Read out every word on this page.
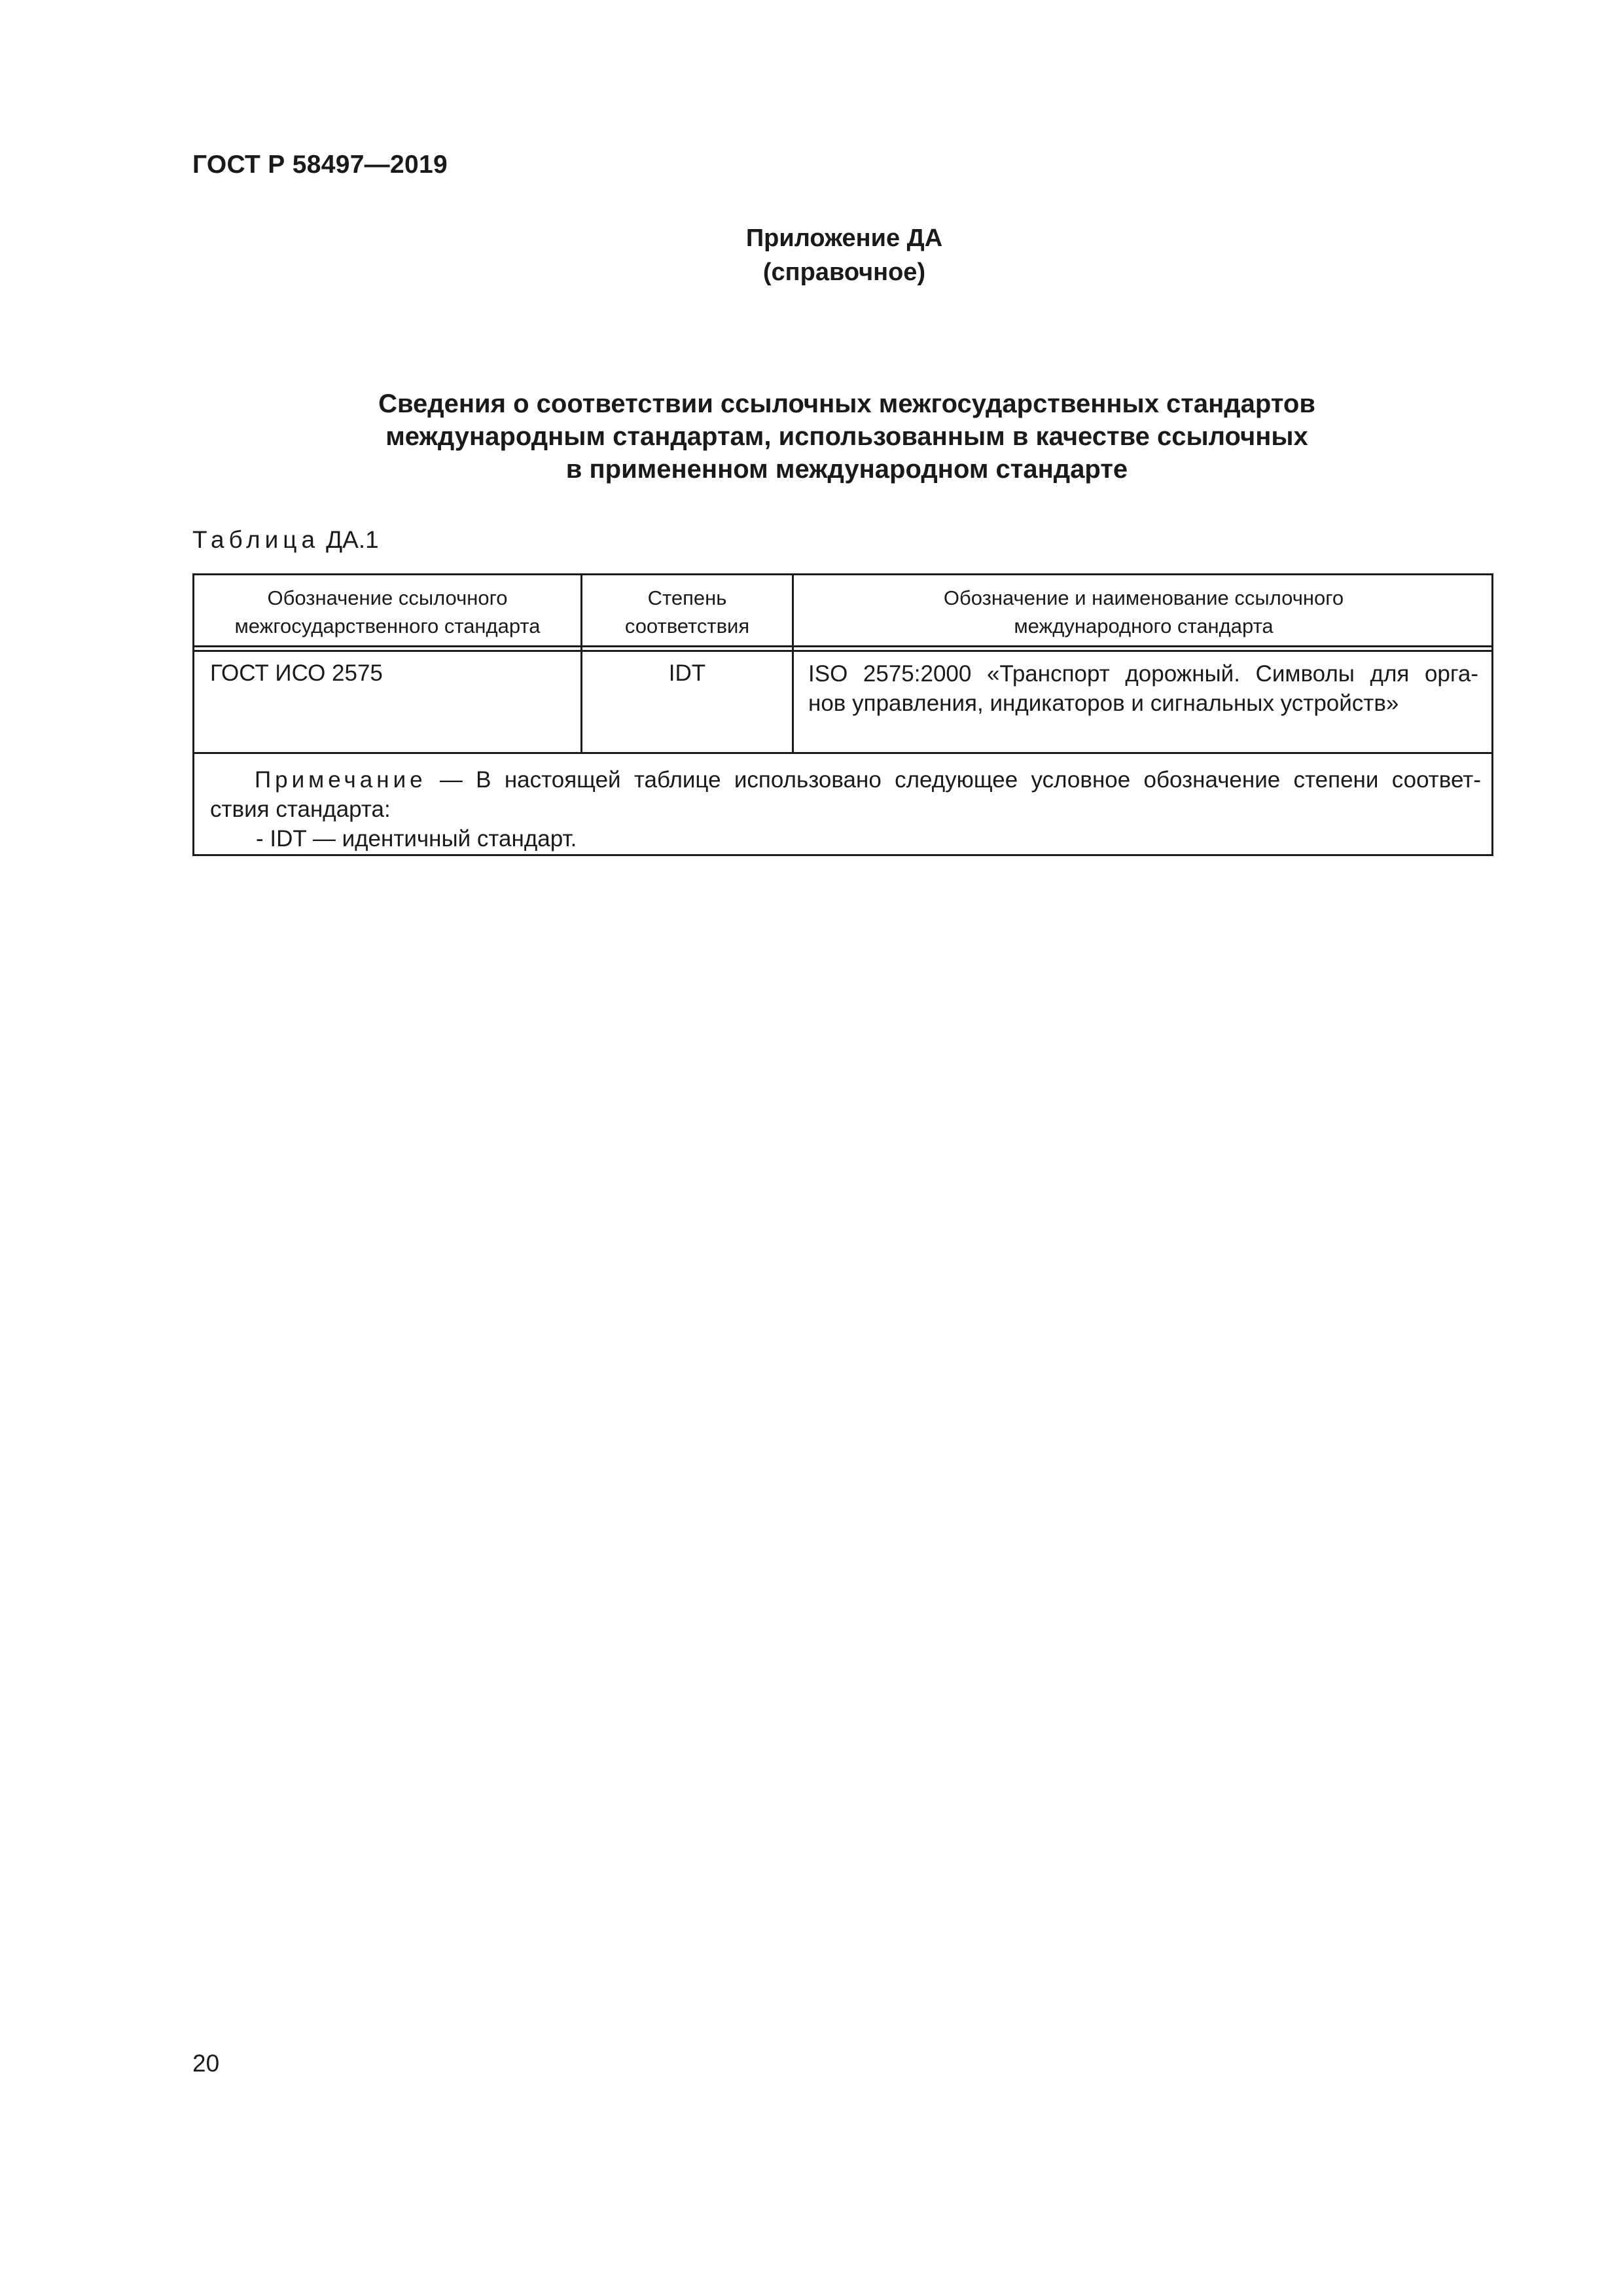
ГОСТ Р 58497—2019
Приложение ДА
(справочное)
Сведения о соответствии ссылочных межгосударственных стандартов
международным стандартам, использованным в качестве ссылочных
в примененном международном стандарте
Таблица ДА.1
Обозначение ссылочного
межгосударственного стандарта
Степень
соответствия
Обозначение и наименование ссылочного
международного стандарта
ГОСТ ИСО 2575	IDT	ISO 2575:2000 «Транспорт дорожный. Символы для орга-
нов управления, индикаторов и сигнальных устройств»
Примечание — В настоящей таблице использовано следующее условное обозначение степени соответ-
ствия стандарта:
- IDT — идентичный стандарт.
20
